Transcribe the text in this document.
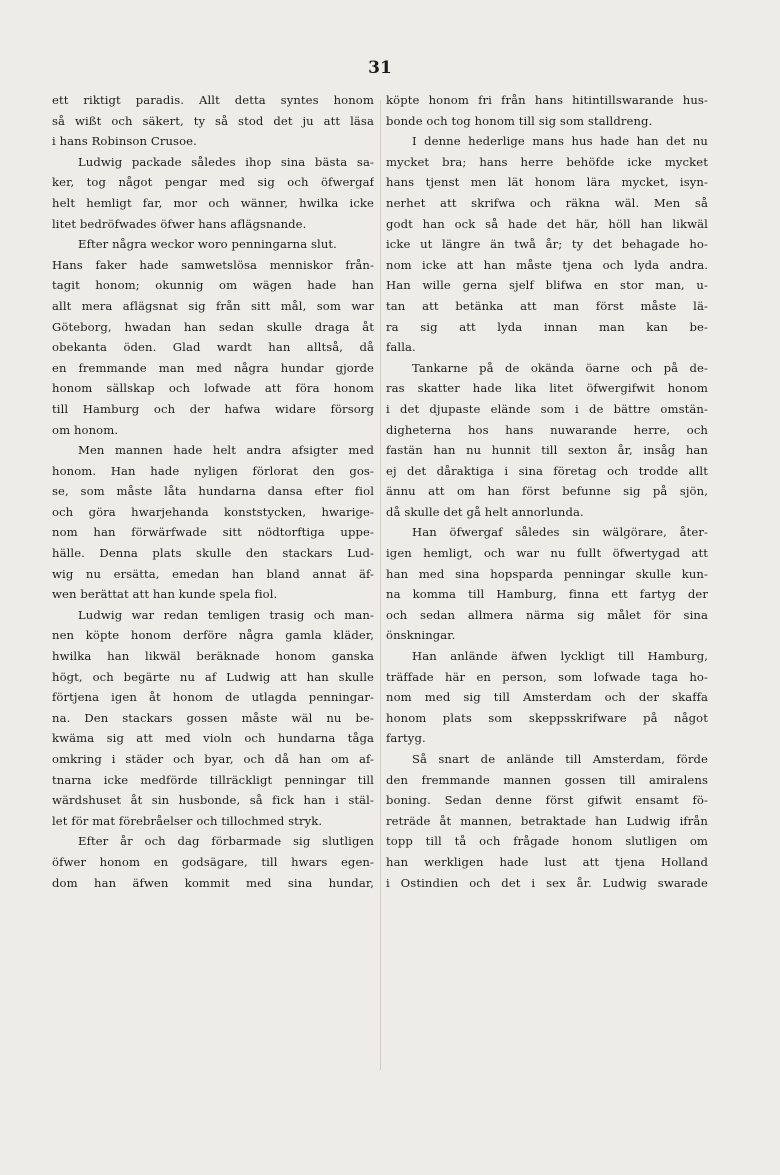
31
ett riktigt paradis. Allt detta syntes honom
så wißt och säkert, ty så stod det ju att läsa
i hans Robinson Crusoe.
Ludwig packade således ihop sina bästa sa-
ker, tog något pengar med sig och öfwergaf
helt hemligt far, mor och wänner, hwilka icke
litet bedröfwades öfwer hans aflägsnande.
Efter några weckor woro penningarna slut.
Hans faker hade samwetslösa menniskor från-
tagit honom; okunnig om wägen hade han
allt mera aflägsnat sig från sitt mål, som war
Göteborg, hwadan han sedan skulle draga åt
obekanta öden. Glad wardt han alltså, då
en fremmande man med några hundar gjorde
honom sällskap och lofwade att föra honom
till Hamburg och der hafwa widare försorg
om honom.
Men mannen hade helt andra afsigter med
honom. Han hade nyligen förlorat den gos-
se, som måste låta hundarna dansa efter fiol
och göra hwarjehanda konststycken, hwarige-
nom han förwärfwade sitt nödtorftiga uppe-
hälle. Denna plats skulle den stackars Lud-
wig nu ersätta, emedan han bland annat äf-
wen berättat att han kunde spela fiol.
Ludwig war redan temligen trasig och man-
nen köpte honom derföre några gamla kläder,
hwilka han likwäl beräknade honom ganska
högt, och begärte nu af Ludwig att han skulle
förtjena igen åt honom de utlagda penningar-
na. Den stackars gossen måste wäl nu be-
kwäma sig att med violn och hundarna tåga
omkring i städer och byar, och då han om af-
tnarna icke medförde tillräckligt penningar till
wärdshuset åt sin husbonde, så fick han i stäl-
let för mat förebråelser och tillochmed stryk.
Efter år och dag förbarmade sig slutligen
öfwer honom en godsägare, till hwars egen-
dom han äfwen kommit med sina hundar,
köpte honom fri från hans hitintillswarande hus-
bonde och tog honom till sig som stalldreng.
I denne hederlige mans hus hade han det nu
mycket bra; hans herre behöfde icke mycket
hans tjenst men lät honom lära mycket, isyn-
nerhet att skrifwa och räkna wäl. Men så
godt han ock så hade det här, höll han likwäl
icke ut längre än twå år; ty det behagade ho-
nom icke att han måste tjena och lyda andra.
Han wille gerna sjelf blifwa en stor man, u-
tan att betänka att man först måste lä-
ra sig att lyda innan man kan be-
falla.
Tankarne på de okända öarne och på de-
ras skatter hade lika litet öfwergifwit honom
i det djupaste elände som i de bättre omstän-
digheterna hos hans nuwarande herre, och
fastän han nu hunnit till sexton år, insåg han
ej det dåraktiga i sina företag och trodde allt
ännu att om han först befunne sig på sjön,
då skulle det gå helt annorlunda.
Han öfwergaf således sin wälgörare, åter-
igen hemligt, och war nu fullt öfwertygad att
han med sina hopsparda penningar skulle kun-
na komma till Hamburg, finna ett fartyg der
och sedan allmera närma sig målet för sina
önskningar.
Han anlände äfwen lyckligt till Hamburg,
träffade här en person, som lofwade taga ho-
nom med sig till Amsterdam och der skaffa
honom plats som skeppsskrifware på något
fartyg.
Så snart de anlände till Amsterdam, förde
den fremmande mannen gossen till amiralens
boning. Sedan denne först gifwit ensamt fö-
reträde åt mannen, betraktade han Ludwig ifrån
topp till tå och frågade honom slutligen om
han werkligen hade lust att tjena Holland
i Ostindien och det i sex år. Ludwig swarade
